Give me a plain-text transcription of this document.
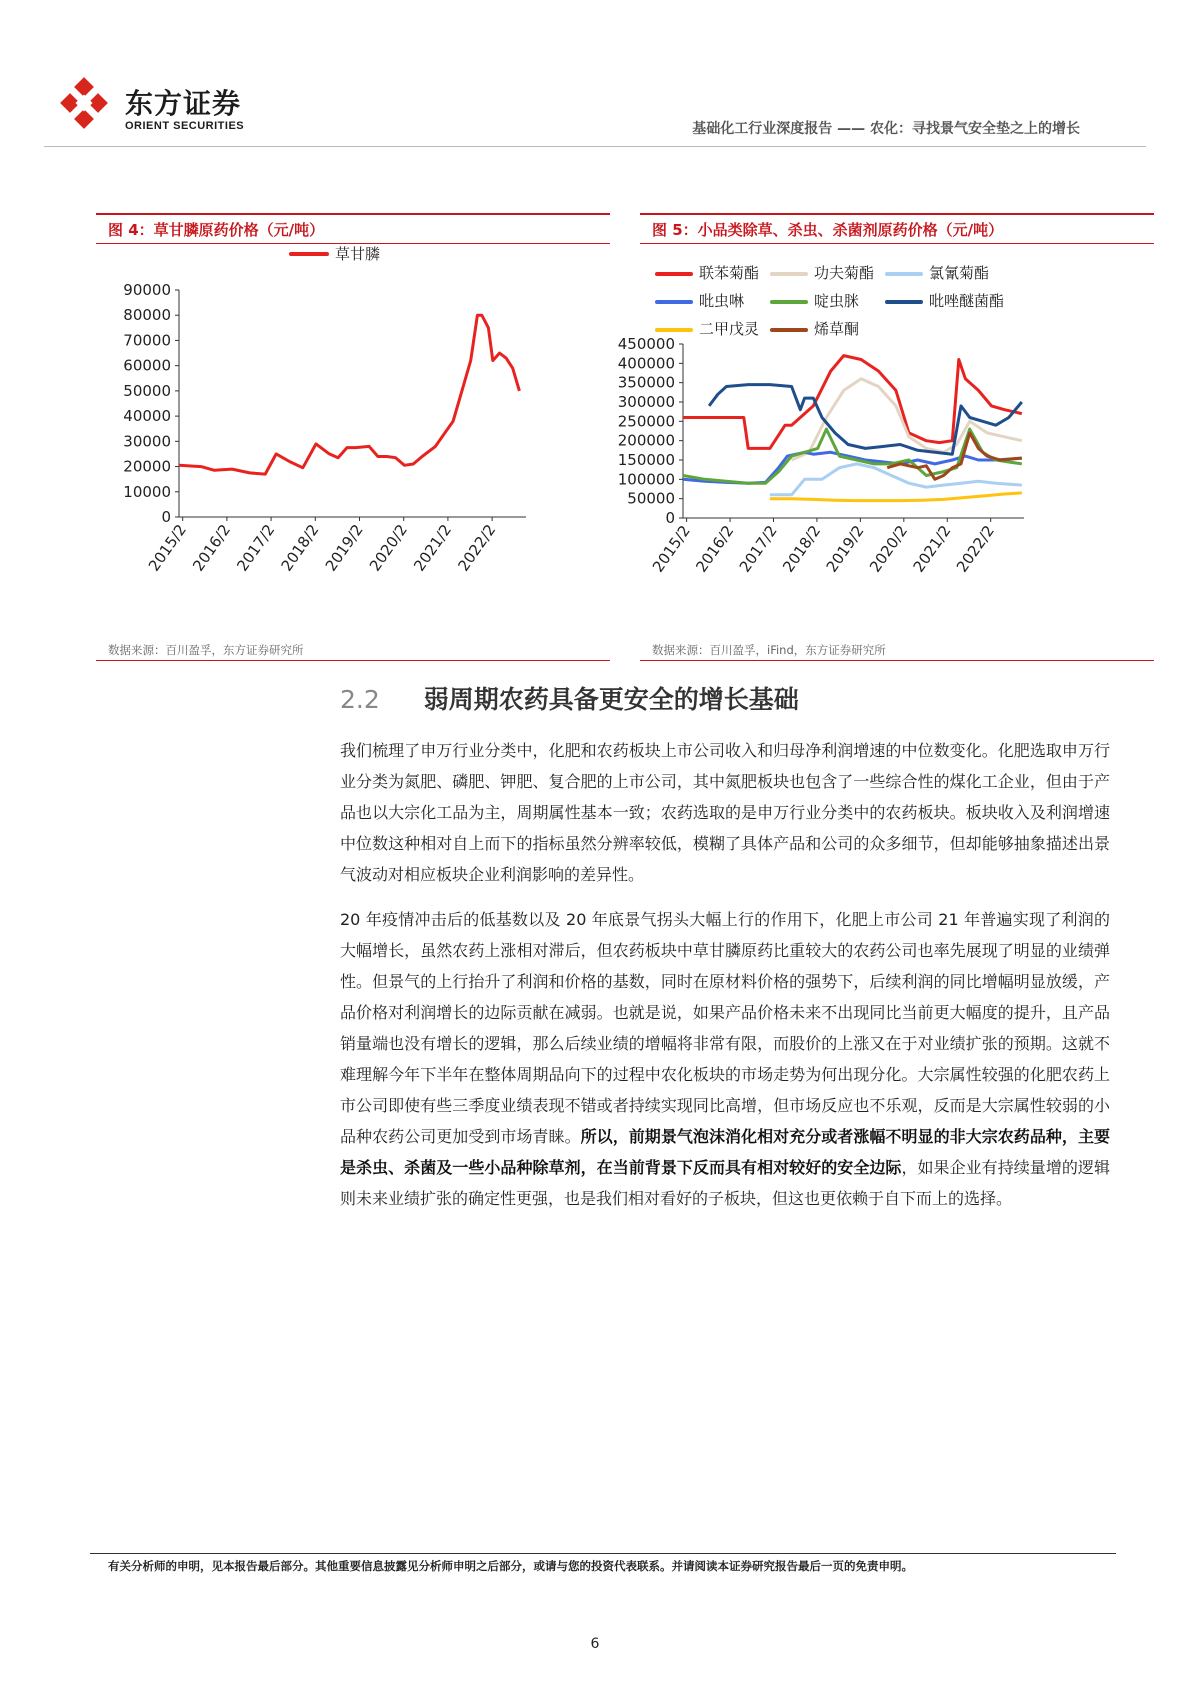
东方证券
ORIENT SECURITIES	基础化工行业深度报告 —— 农化：寻找景气安全垫之上的增长
图 4：草甘膦原药价格（元/吨）
0
10000
20000
30000
40000
50000
60000
70000
80000
90000
2015/2 2016/2 2017/2 2018/2 2019/2 2020/2 2021/2 2022/2
草甘膦
数据来源：百川盈孚，东方证券研究所
图 5：小品类除草、杀虫、杀菌剂原药价格（元/吨）
联苯菊酯	功夫菊酯	氯氰菊酯
吡虫啉	啶虫脒	吡唑醚菌酯
二甲戊灵	烯草酮
0
50000
100000
150000
200000
250000
300000
350000
400000
450000
2015/2
2016/2
2017/2
2018/2
2019/2
2020/2
2021/2
2022/2
数据来源：百川盈孚，iFind，东方证券研究所
2.2 弱周期农药具备更安全的增长基础
我们梳理了申万行业分类中，化肥和农药板块上市公司收入和归母净利润增速的中位数变化。化肥选取申万行业分类为氮肥、磷肥、钾肥、复合肥的上市公司，其中氮肥板块也包含了一些综合性的煤化工企业，但由于产品也以大宗化工品为主，周期属性基本一致；农药选取的是申万行业分类中的农药板块。板块收入及利润增速中位数这种相对自上而下的指标虽然分辨率较低，模糊了具体产品和公司的众多细节，但却能够抽象描述出景气波动对相应板块企业利润影响的差异性。
20 年疫情冲击后的低基数以及 20 年底景气拐头大幅上行的作用下，化肥上市公司 21 年普遍实现了利润的大幅增长，虽然农药上涨相对滞后，但农药板块中草甘膦原药比重较大的农药公司也率先展现了明显的业绩弹性。但景气的上行抬升了利润和价格的基数，同时在原材料价格的强势下，后续利润的同比增幅明显放缓，产品价格对利润增长的边际贡献在减弱。也就是说，如果产品价格未来不出现同比当前更大幅度的提升，且产品销量端也没有增长的逻辑，那么后续业绩的增幅将非常有限，而股价的上涨又在于对业绩扩张的预期。这就不难理解今年下半年在整体周期品向下的过程中农化板块的市场走势为何出现分化。大宗属性较强的化肥农药上市公司即使有些三季度业绩表现不错或者持续实现同比高增，但市场反应也不乐观，反而是大宗属性较弱的小品种农药公司更加受到市场青睐。所以，前期景气泡沫消化相对充分或者涨幅不明显的非大宗农药品种，主要是杀虫、杀菌及一些小品种除草剂，在当前背景下反而具有相对较好的安全边际，如果企业有持续量增的逻辑则未来业绩扩张的确定性更强，也是我们相对看好的子板块，但这也更依赖于自下而上的选择。
有关分析师的申明，见本报告最后部分。其他重要信息披露见分析师申明之后部分，或请与您的投资代表联系。并请阅读本证券研究报告最后一页的免责申明。
6
